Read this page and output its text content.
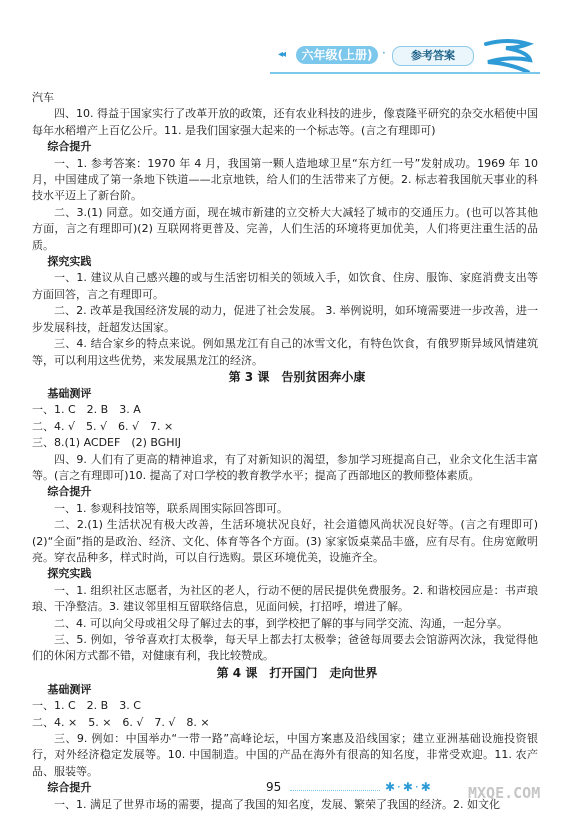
◂◂	六年级(上册) ·	参考答案

汽车

四、10. 得益于国家实行了改革开放的政策，还有农业科技的进步，像袁隆平研究的杂交水稻使中国每年水稻增产上百亿公斤。11. 是我们国家强大起来的一个标志等。(言之有理即可)

综合提升

一、1. 参考答案：1970 年 4 月，我国第一颗人造地球卫星“东方红一号”发射成功。1969 年 10 月，中国建成了第一条地下铁道——北京地铁，给人们的生活带来了方便。2. 标志着我国航天事业的科技水平迈上了新台阶。

二、3.(1) 同意。如交通方面，现在城市新建的立交桥大大减轻了城市的交通压力。(也可以答其他方面，言之有理即可)(2) 互联网将更普及、完善，人们生活的环境将更加优美，人们将更注重生活的品质。

探究实践

一、1. 建议从自己感兴趣的或与生活密切相关的领域入手，如饮食、住房、服饰、家庭消费支出等方面回答，言之有理即可。

二、2. 改革是我国经济发展的动力，促进了社会发展。 3. 举例说明，如环境需要进一步改善，进一步发展科技，赶超发达国家。

三、4. 结合家乡的特点来说。例如黑龙江有自己的冰雪文化，有特色饮食，有俄罗斯异域风情建筑等，可以利用这些优势，来发展黑龙江的经济。

第 3 课 告别贫困奔小康

基础测评

一、1. C　2. B　3. A

二、4. √　5. √　6. √　7. ×

三、8.(1) ACDEF　(2) BGHIJ

四、9. 人们有了更高的精神追求，有了对新知识的渴望，参加学习班提高自己，业余文化生活丰富等。(言之有理即可)10. 提高了对口学校的教育教学水平；提高了西部地区的教师整体素质。

综合提升

一、1. 参观科技馆等，联系周围实际回答即可。

二、2.(1) 生活状况有极大改善，生活环境状况良好，社会道德风尚状况良好等。(言之有理即可)(2)“全面”指的是政治、经济、文化、体育等各个方面。(3) 家家饭桌菜品丰盛，应有尽有。住房宽敞明亮。穿衣品种多，样式时尚，可以自行选购。景区环境优美，设施齐全。

探究实践

一、1. 组织社区志愿者，为社区的老人，行动不便的居民提供免费服务。2. 和谐校园应是：书声琅琅、干净整洁。3. 建议邻里相互留联络信息，见面问候，打招呼，增进了解。

二、4. 可以向父母或祖父母了解过去的事，到学校把了解的事与同学交流、沟通，一起分享。

三、5. 例如，爷爷喜欢打太极拳，每天早上都去打太极拳；爸爸每周要去会馆游两次泳，我觉得他们的休闲方式都不错，对健康有利，我比较赞成。

第 4 课 打开国门　走向世界

基础测评

一、1. C　2. B　3. C

二、4. ×　5. ×　6. √　7. √　8. ×

三、9. 例如：中国举办“一带一路”高峰论坛，中国方案惠及沿线国家；建立亚洲基础设施投资银行，对外经济稳定发展等。10. 中国制造。中国的产品在海外有很高的知名度，非常受欢迎。11. 农产品、服装等。

综合提升

一、1. 满足了世界市场的需要，提高了我国的知名度，发展、繁荣了我国的经济。2. 如文化

95	✱·✱·✱ MXQE.COM
